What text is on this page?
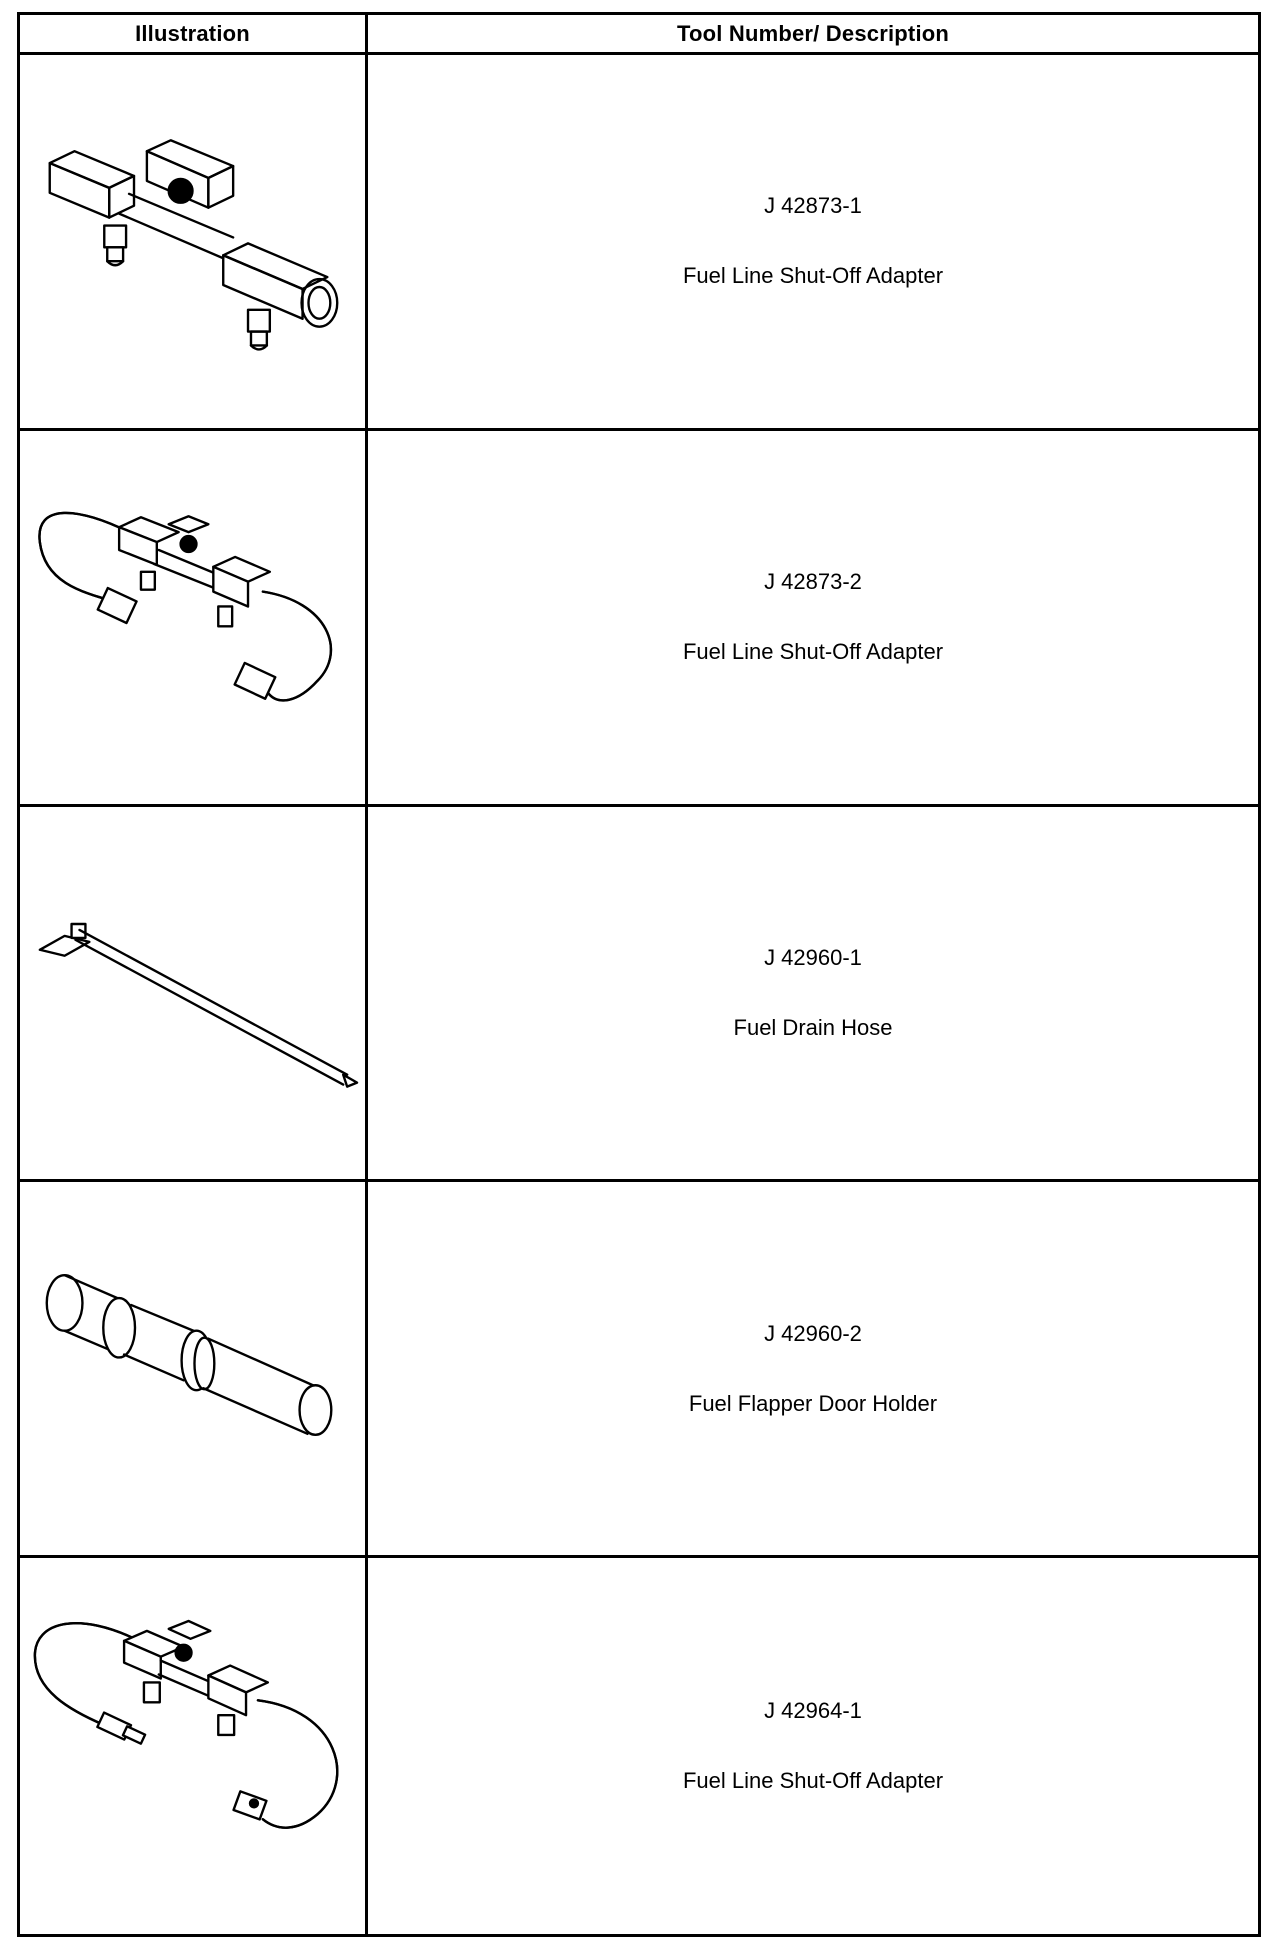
Illustration	Tool Number/ Description
J 42873-1
Fuel Line Shut-Off Adapter
J 42873-2
Fuel Line Shut-Off Adapter
J 42960-1
Fuel Drain Hose
J 42960-2
Fuel Flapper Door Holder
J 42964-1
Fuel Line Shut-Off Adapter
